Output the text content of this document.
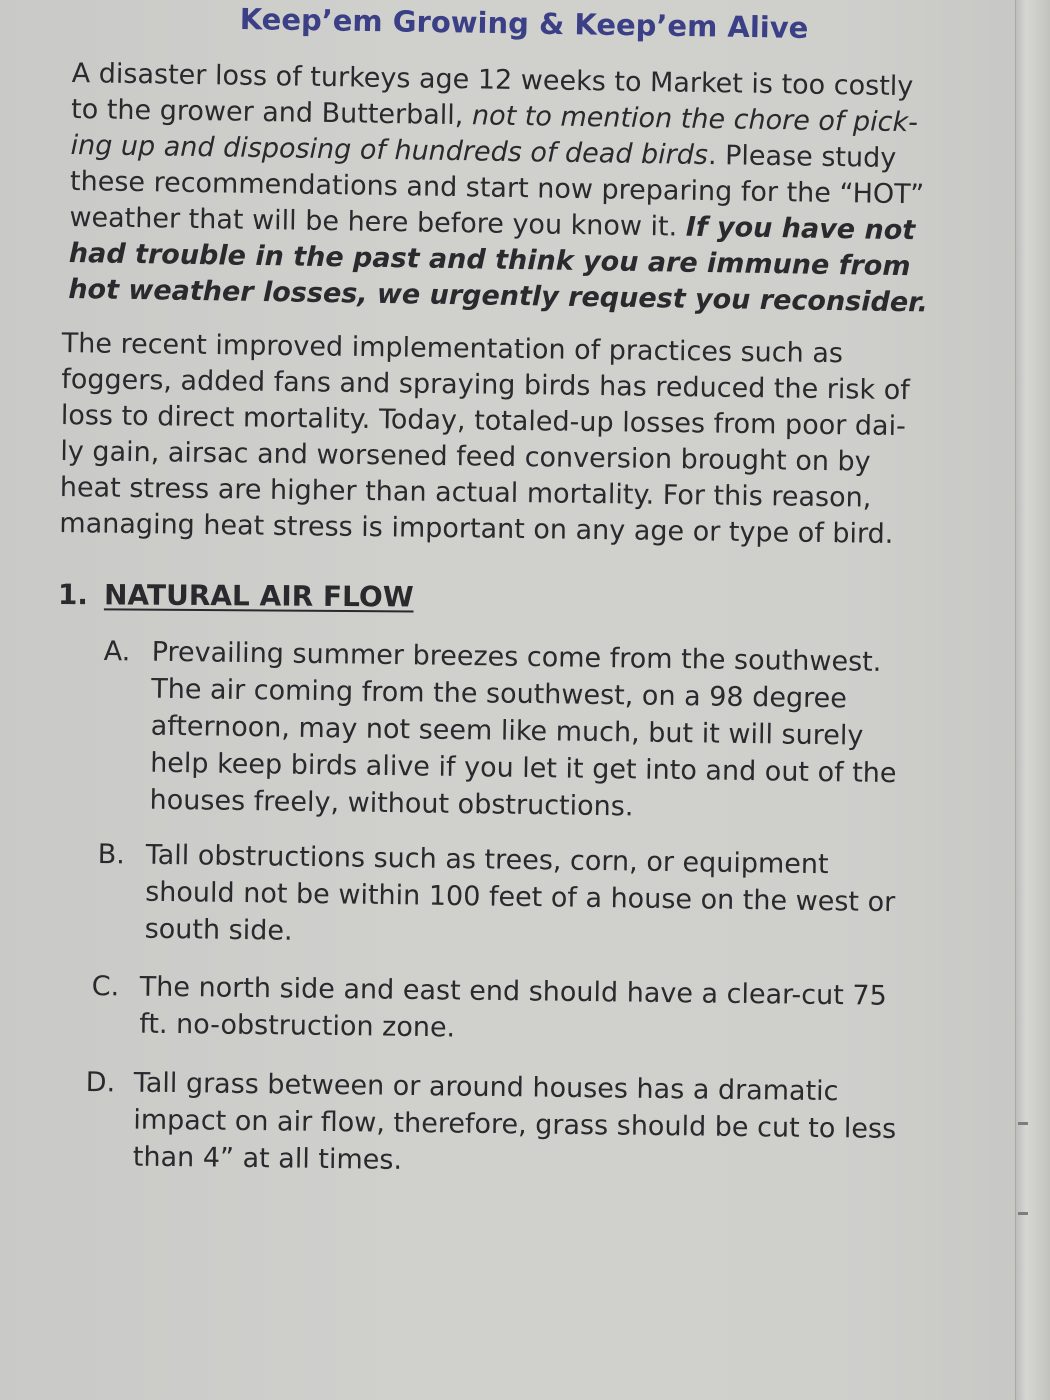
Keep’em Growing & Keep’em Alive
A disaster loss of turkeys age 12 weeks to Market is too costly
to the grower and Butterball, not to mention the chore of pick-
ing up and disposing of hundreds of dead birds. Please study
these recommendations and start now preparing for the “HOT”
weather that will be here before you know it. If you have not
had trouble in the past and think you are immune from
hot weather losses, we urgently request you reconsider.
The recent improved implementation of practices such as
foggers, added fans and spraying birds has reduced the risk of
loss to direct mortality. Today, totaled-up losses from poor dai-
ly gain, airsac and worsened feed conversion brought on by
heat stress are higher than actual mortality. For this reason,
managing heat stress is important on any age or type of bird.
1. NATURAL AIR FLOW
A. Prevailing summer breezes come from the southwest.
The air coming from the southwest, on a 98 degree
afternoon, may not seem like much, but it will surely
help keep birds alive if you let it get into and out of the
houses freely, without obstructions.
B. Tall obstructions such as trees, corn, or equipment
should not be within 100 feet of a house on the west or
south side.
C. The north side and east end should have a clear-cut 75
ft. no-obstruction zone.
D. Tall grass between or around houses has a dramatic
impact on air flow, therefore, grass should be cut to less
than 4” at all times.
